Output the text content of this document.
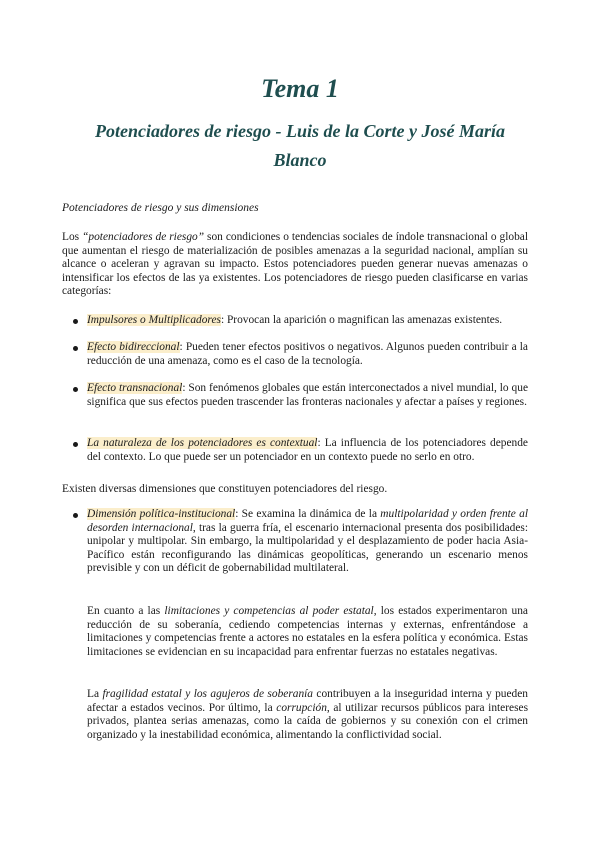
Tema 1
Potenciadores de riesgo - Luis de la Corte y José María Blanco
Potenciadores de riesgo y sus dimensiones
Los “potenciadores de riesgo” son condiciones o tendencias sociales de índole transnacional o global que aumentan el riesgo de materialización de posibles amenazas a la seguridad nacional, amplían su alcance o aceleran y agravan su impacto. Estos potenciadores pueden generar nuevas amenazas o intensificar los efectos de las ya existentes. Los potenciadores de riesgo pueden clasificarse en varias categorías:
Impulsores o Multiplicadores: Provocan la aparición o magnifican las amenazas existentes.
Efecto bidireccional: Pueden tener efectos positivos o negativos. Algunos pueden contribuir a la reducción de una amenaza, como es el caso de la tecnología.
Efecto transnacional: Son fenómenos globales que están interconectados a nivel mundial, lo que significa que sus efectos pueden trascender las fronteras nacionales y afectar a países y regiones.
La naturaleza de los potenciadores es contextual: La influencia de los potenciadores depende del contexto. Lo que puede ser un potenciador en un contexto puede no serlo en otro.
Existen diversas dimensiones que constituyen potenciadores del riesgo.
Dimensión política-institucional: Se examina la dinámica de la multipolaridad y orden frente al desorden internacional, tras la guerra fría, el escenario internacional presenta dos posibilidades: unipolar y multipolar. Sin embargo, la multipolaridad y el desplazamiento de poder hacia Asia-Pacífico están reconfigurando las dinámicas geopolíticas, generando un escenario menos previsible y con un déficit de gobernabilidad multilateral.
En cuanto a las limitaciones y competencias al poder estatal, los estados experimentaron una reducción de su soberanía, cediendo competencias internas y externas, enfrentándose a limitaciones y competencias frente a actores no estatales en la esfera política y económica. Estas limitaciones se evidencian en su incapacidad para enfrentar fuerzas no estatales negativas.
La fragilidad estatal y los agujeros de soberanía contribuyen a la inseguridad interna y pueden afectar a estados vecinos. Por último, la corrupción, al utilizar recursos públicos para intereses privados, plantea serias amenazas, como la caída de gobiernos y su conexión con el crimen organizado y la inestabilidad económica, alimentando la conflictividad social.
